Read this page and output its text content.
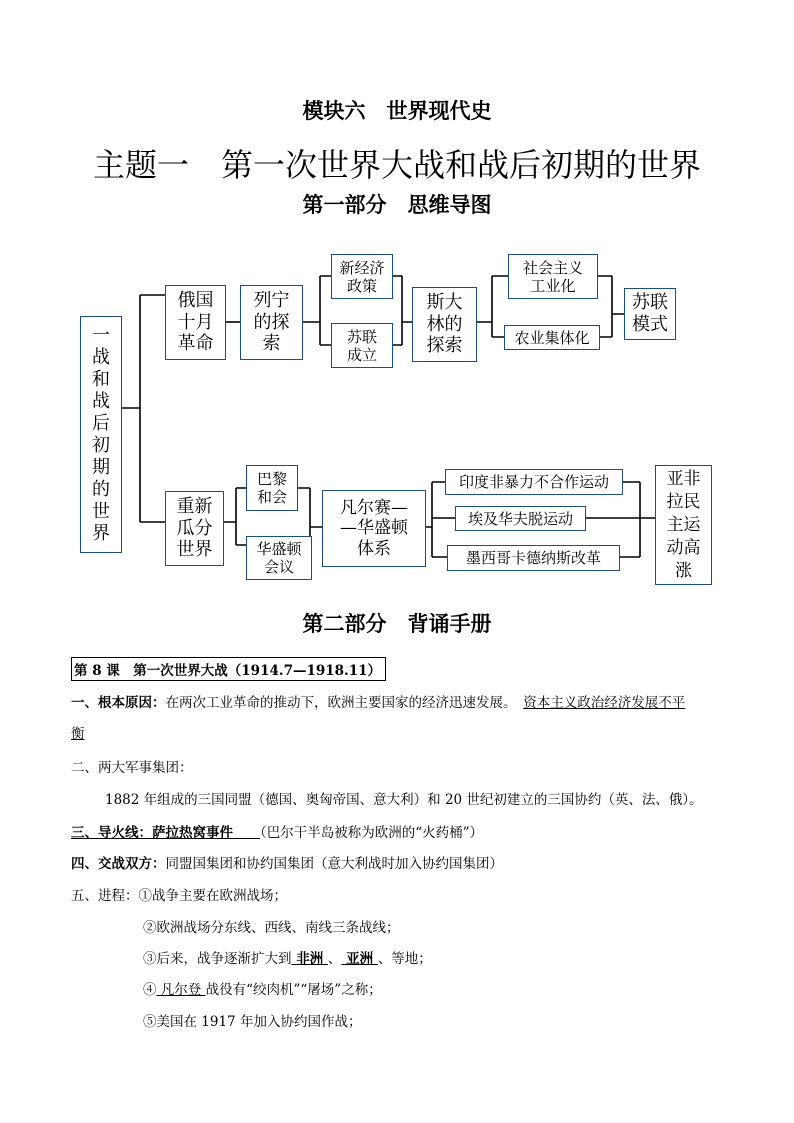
模块六　世界现代史
主题一　第一次世界大战和战后初期的世界
第一部分　思维导图
一
战
和
战
后
初
期
的
世
界
俄国
十月
革命
列宁
的探
索
新经济
政策
苏联
成立
斯大
林的
探索
社会主义
工业化
农业集体化
苏联
模式
重新
瓜分
世界
巴黎
和会
华盛顿
会议
凡尔赛—
—华盛顿
体系
印度非暴力不合作运动
埃及华夫脱运动
墨西哥卡德纳斯改革
亚非
拉民
主运
动高
涨
第二部分　背诵手册
第 8 课　第一次世界大战（1914.7—1918.11）
一、根本原因：在两次工业革命的推动下，欧洲主要国家的经济迅速发展。　 资本主义政治经济发展不平
衡
二、两大军事集团：
1882 年组成的三国同盟（德国、奥匈帝国、意大利）和 20 世纪初建立的三国协约（英、法、俄）。
三、导火线：萨拉热窝事件　　 （巴尔干半岛被称为欧洲的“火药桶”）
四、交战双方：同盟国集团和协约国集团（意大利战时加入协约国集团）
五、进程：①战争主要在欧洲战场；
②欧洲战场分东线、西线、南线三条战线；
③后来，战争逐渐扩大到 非洲 、 亚洲 、等地；
④ 凡尔登 战役有“绞肉机”“屠场”之称；
⑤美国在 1917 年加入协约国作战；
